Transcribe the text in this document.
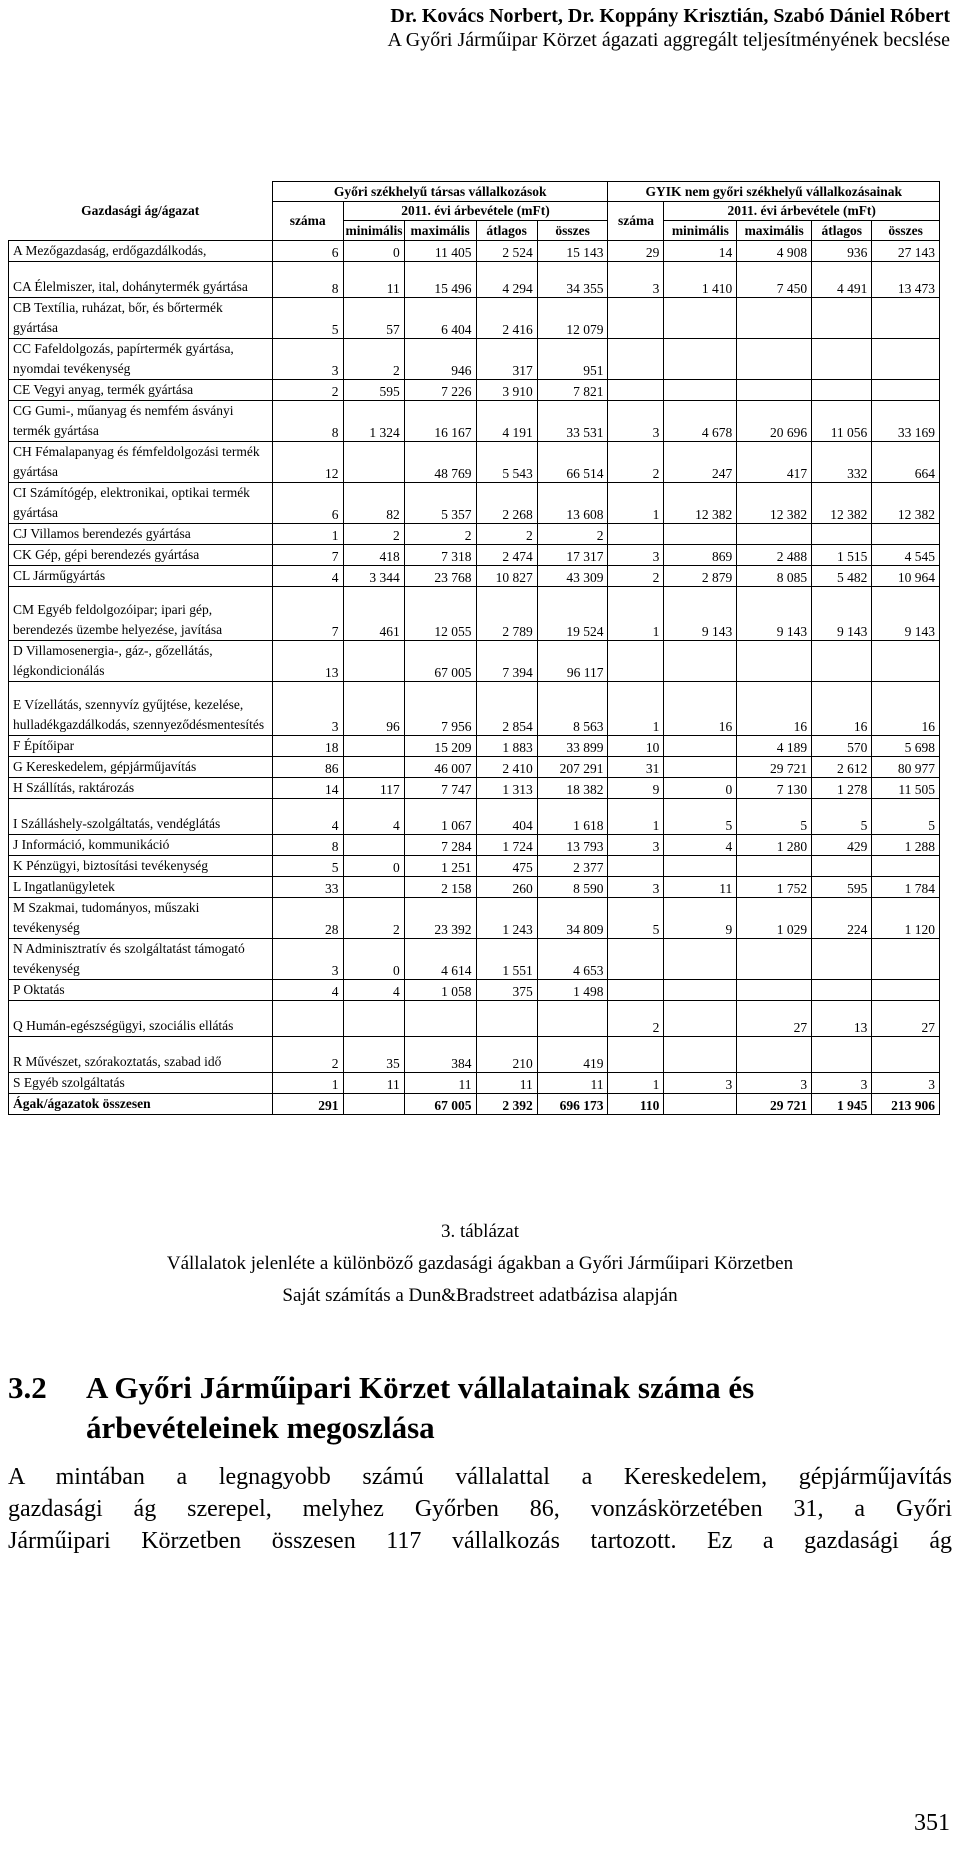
Dr. Kovács Norbert, Dr. Koppány Krisztián, Szabó Dániel Róbert
A Győri Járműipar Körzet ágazati aggregált teljesítményének becslése
Gazdasági ág/ágazat	Győri székhelyű társas vállalkozások					GYIK nem győri székhelyű vállalkozásainak				
	száma	2011. évi árbevétele (mFt)				száma	2011. évi árbevétele (mFt)			
		minimális	maximális	átlagos	összes		minimális	maximális	átlagos	összes
A Mezőgazdaság, erdőgazdálkodás,	6	0	11 405	2 524	15 143	29	14	4 908	936	27 143
CA Élelmiszer, ital, dohánytermék gyártása	8	11	15 496	4 294	34 355	3	1 410	7 450	4 491	13 473
CB Textília, ruházat, bőr, és bőrtermék gyártása	5	57	6 404	2 416	12 079					
CC Fafeldolgozás, papírtermék gyártása, nyomdai tevékenység	3	2	946	317	951					
CE Vegyi anyag, termék gyártása	2	595	7 226	3 910	7 821					
CG Gumi-, műanyag és nemfém ásványi termék gyártása	8	1 324	16 167	4 191	33 531	3	4 678	20 696	11 056	33 169
CH Fémalapanyag és fémfeldolgozási termék gyártása	12		48 769	5 543	66 514	2	247	417	332	664
CI Számítógép, elektronikai, optikai termék gyártása	6	82	5 357	2 268	13 608	1	12 382	12 382	12 382	12 382
CJ Villamos berendezés gyártása	1	2	2	2	2					
CK Gép, gépi berendezés gyártása	7	418	7 318	2 474	17 317	3	869	2 488	1 515	4 545
CL Járműgyártás	4	3 344	23 768	10 827	43 309	2	2 879	8 085	5 482	10 964
CM Egyéb feldolgozóipar; ipari gép, berendezés üzembe helyezése, javítása	7	461	12 055	2 789	19 524	1	9 143	9 143	9 143	9 143
D Villamosenergia-, gáz-, gőzellátás, légkondicionálás	13		67 005	7 394	96 117					
E Vízellátás, szennyvíz gyűjtése, kezelése, hulladékgazdálkodás, szennyeződésmentesítés	3	96	7 956	2 854	8 563	1	16	16	16	16
F Építőipar	18		15 209	1 883	33 899	10		4 189	570	5 698
G Kereskedelem, gépjárműjavítás	86		46 007	2 410	207 291	31		29 721	2 612	80 977
H Szállítás, raktározás	14	117	7 747	1 313	18 382	9	0	7 130	1 278	11 505
I Szálláshely-szolgáltatás, vendéglátás	4	4	1 067	404	1 618	1	5	5	5	5
J Információ, kommunikáció	8		7 284	1 724	13 793	3	4	1 280	429	1 288
K Pénzügyi, biztosítási tevékenység	5	0	1 251	475	2 377					
L Ingatlanügyletek	33		2 158	260	8 590	3	11	1 752	595	1 784
M Szakmai, tudományos, műszaki tevékenység	28	2	23 392	1 243	34 809	5	9	1 029	224	1 120
N Adminisztratív és szolgáltatást támogató tevékenység	3	0	4 614	1 551	4 653					
P Oktatás	4	4	1 058	375	1 498					
Q Humán-egészségügyi, szociális ellátás						2		27	13	27
R Művészet, szórakoztatás, szabad idő	2	35	384	210	419					
S Egyéb szolgáltatás	1	11	11	11	11	1	3	3	3	3
Ágak/ágazatok összesen	291		67 005	2 392	696 173	110		29 721	1 945	213 906
3. táblázat
Vállalatok jelenléte a különböző gazdasági ágakban a Győri Járműipari Körzetben
Saját számítás a Dun&Bradstreet adatbázisa alapján
3.2 A Győri Járműipari Körzet vállalatainak száma és
árbevételeinek megoszlása
A mintában a legnagyobb számú vállalattal a Kereskedelem, gépjárműjavítás
gazdasági ág szerepel, melyhez Győrben 86, vonzáskörzetében 31, a Győri
Járműipari Körzetben összesen 117 vállalkozás tartozott. Ez a gazdasági ág
351
